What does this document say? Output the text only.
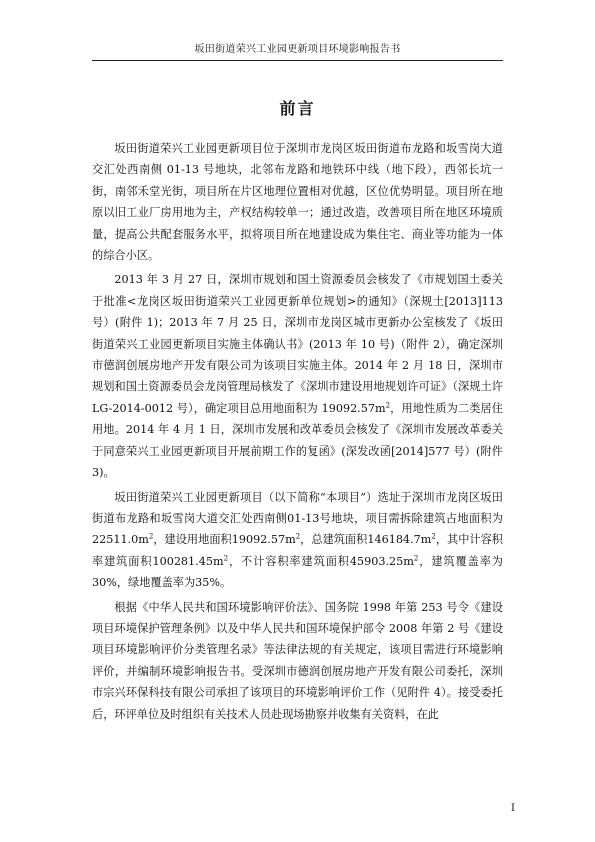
坂田街道荣兴工业园更新项目环境影响报告书
前言

坂田街道荣兴工业园更新项目位于深圳市龙岗区坂田街道布龙路和坂雪岗大道交汇处西南侧 01-13 号地块，北邻布龙路和地铁环中线（地下段），西邻长坑一街，南邻禾堂光街，项目所在片区地理位置相对优越，区位优势明显。项目所在地原以旧工业厂房用地为主，产权结构较单一；通过改造，改善项目所在地区环境质量，提高公共配套服务水平，拟将项目所在地建设成为集住宅、商业等功能为一体的综合小区。

2013 年 3 月 27 日，深圳市规划和国土资源委员会核发了《市规划国土委关于批准<龙岗区坂田街道荣兴工业园更新单位规划>的通知》（深规土[2013]113 号）(附件 1)；2013 年 7 月 25 日，深圳市龙岗区城市更新办公室核发了《坂田街道荣兴工业园更新项目实施主体确认书》(2013 年 10 号)（附件 2），确定深圳市德润创展房地产开发有限公司为该项目实施主体。2014 年 2 月 18 日，深圳市规划和国土资源委员会龙岗管理局核发了《深圳市建设用地规划许可证》（深规土许 LG-2014-0012 号），确定项目总用地面积为 $19092.57m^2$，用地性质为二类居住用地。2014 年 4 月 1 日，深圳市发展和改革委员会核发了《深圳市发展改革委关于同意荣兴工业园更新项目开展前期工作的复函》(深发改函[2014]577 号）(附件 3)。

坂田街道荣兴工业园更新项目（以下简称“本项目”）选址于深圳市龙岗区坂田街道布龙路和坂雪岗大道交汇处西南侧01-13号地块，项目需拆除建筑占地面积为$22511.0m^2$，建设用地面积$19092.57m^2$，总建筑面积$146184.7m^2$，其中计容积率建筑面积$100281.45m^2$，不计容积率建筑面积$45903.25m^2$，建筑覆盖率为30%，绿地覆盖率为35%。

根据《中华人民共和国环境影响评价法》、国务院 1998 年第 253 号令《建设项目环境保护管理条例》以及中华人民共和国环境保护部令 2008 年第 2 号《建设项目环境影响评价分类管理名录》等法律法规的有关规定，该项目需进行环境影响评价，并编制环境影响报告书。受深圳市德润创展房地产开发有限公司委托，深圳市宗兴环保科技有限公司承担了该项目的环境影响评价工作（见附件 4）。接受委托后，环评单位及时组织有关技术人员赴现场勘察并收集有关资料，在此

I
